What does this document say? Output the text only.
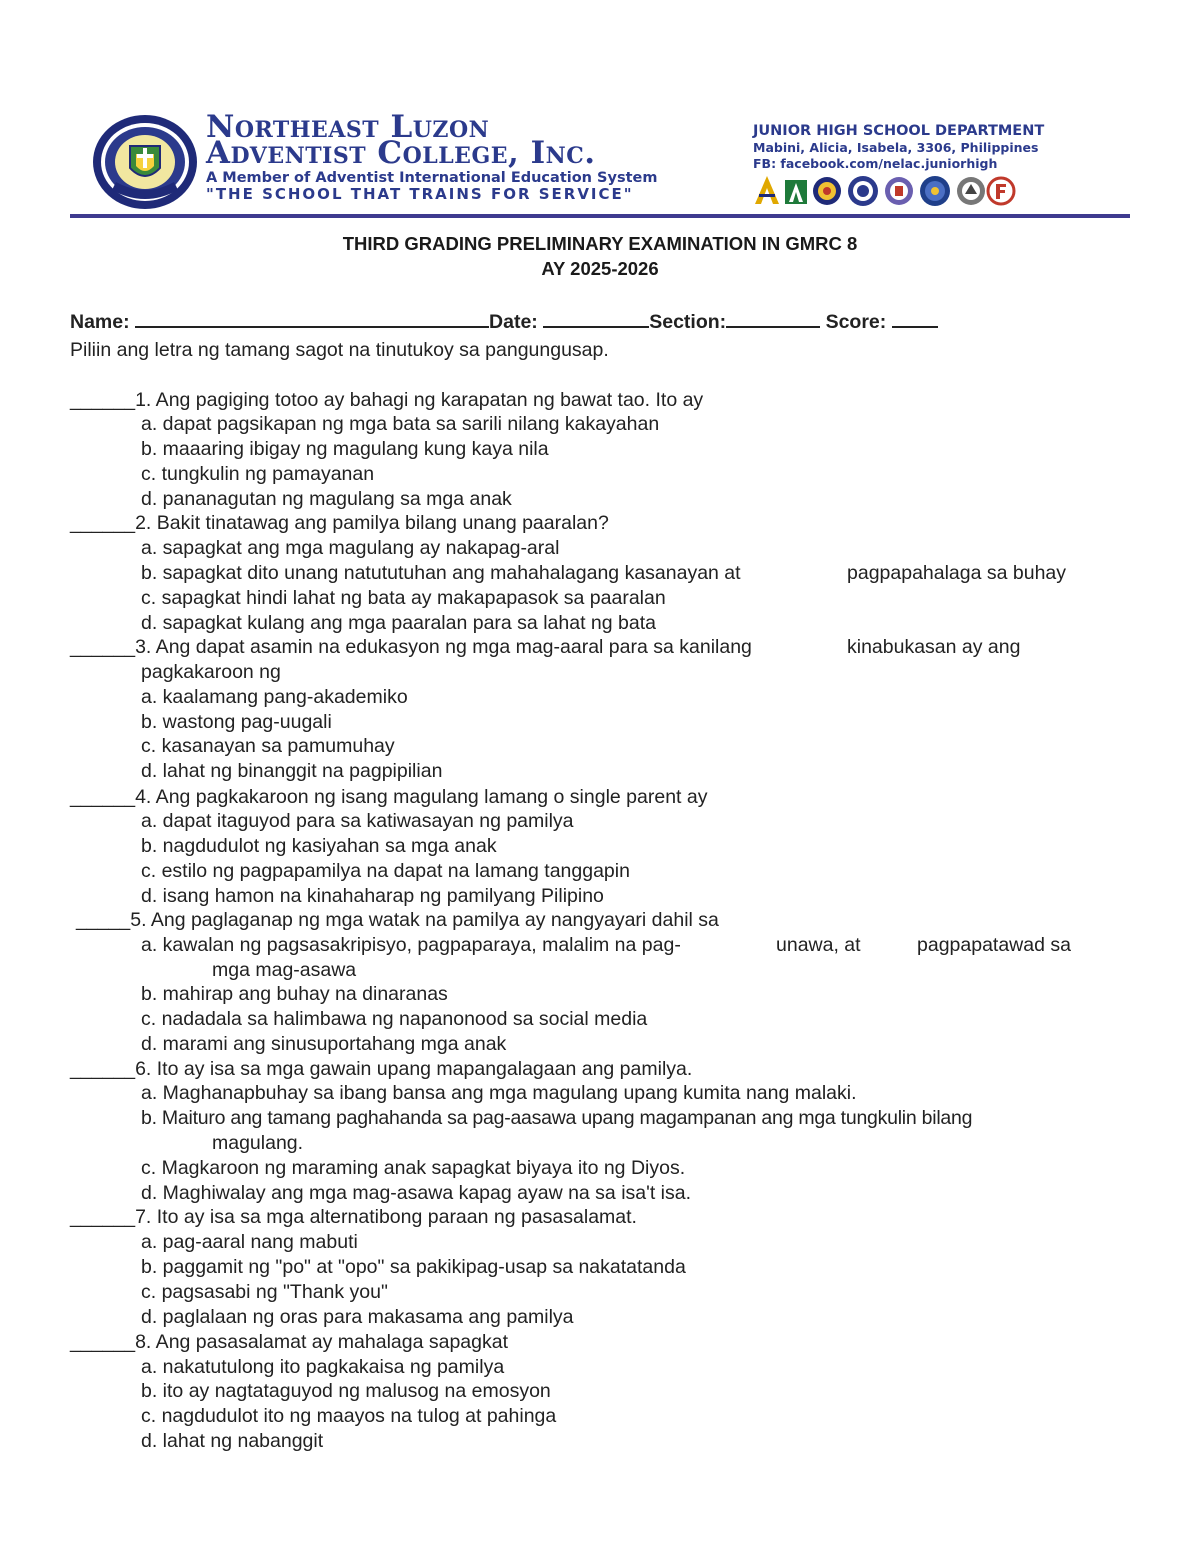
Northeast Luzon
Adventist College, Inc.
A Member of Adventist International Education System
"THE SCHOOL THAT TRAINS FOR SERVICE"
JUNIOR HIGH SCHOOL DEPARTMENT
Mabini, Alicia, Isabela, 3306, Philippines
FB: facebook.com/nelac.juniorhigh
THIRD GRADING PRELIMINARY EXAMINATION IN GMRC 8
AY 2025-2026
Name:	Date:	Section:	Score:
Piliin ang letra ng tamang sagot na tinutukoy sa pangungusap.
______1. Ang pagiging totoo ay bahagi ng karapatan ng bawat tao. Ito ay
a. dapat pagsikapan ng mga bata sa sarili nilang kakayahan
b. maaaring ibigay ng magulang kung kaya nila
c. tungkulin ng pamayanan
d. pananagutan ng magulang sa mga anak
______2. Bakit tinatawag ang pamilya bilang unang paaralan?
a. sapagkat ang mga magulang ay nakapag-aral
b. sapagkat dito unang natututuhan ang mahahalagang kasanayan at	pagpapahalaga sa buhay
c. sapagkat hindi lahat ng bata ay makapapasok sa paaralan
d. sapagkat kulang ang mga paaralan para sa lahat ng bata
______3. Ang dapat asamin na edukasyon ng mga mag-aaral para sa kanilang	kinabukasan ay ang
pagkakaroon ng
a. kaalamang pang-akademiko
b. wastong pag-uugali
c. kasanayan sa pamumuhay
d. lahat ng binanggit na pagpipilian
______4. Ang pagkakaroon ng isang magulang lamang o single parent ay
a. dapat itaguyod para sa katiwasayan ng pamilya
b. nagdudulot ng kasiyahan sa mga anak
c. estilo ng pagpapamilya na dapat na lamang tanggapin
d. isang hamon na kinahaharap ng pamilyang Pilipino
_____5. Ang paglaganap ng mga watak na pamilya ay nangyayari dahil sa
a. kawalan ng pagsasakripisyo, pagpaparaya, malalim na pag-	unawa, at	pagpapatawad sa
mga mag-asawa
b. mahirap ang buhay na dinaranas
c. nadadala sa halimbawa ng napanonood sa social media
d. marami ang sinusuportahang mga anak
______6. Ito ay isa sa mga gawain upang mapangalagaan ang pamilya.
a. Maghanapbuhay sa ibang bansa ang mga magulang upang kumita nang malaki.
b. Maituro ang tamang paghahanda sa pag-aasawa upang magampanan ang mga tungkulin bilang
magulang.
c. Magkaroon ng maraming anak sapagkat biyaya ito ng Diyos.
d. Maghiwalay ang mga mag-asawa kapag ayaw na sa isa't isa.
______7. Ito ay isa sa mga alternatibong paraan ng pasasalamat.
a. pag-aaral nang mabuti
b. paggamit ng "po" at "opo" sa pakikipag-usap sa nakatatanda
c. pagsasabi ng "Thank you"
d. paglalaan ng oras para makasama ang pamilya
______8. Ang pasasalamat ay mahalaga sapagkat
a. nakatutulong ito pagkakaisa ng pamilya
b. ito ay nagtataguyod ng malusog na emosyon
c. nagdudulot ito ng maayos na tulog at pahinga
d. lahat ng nabanggit
